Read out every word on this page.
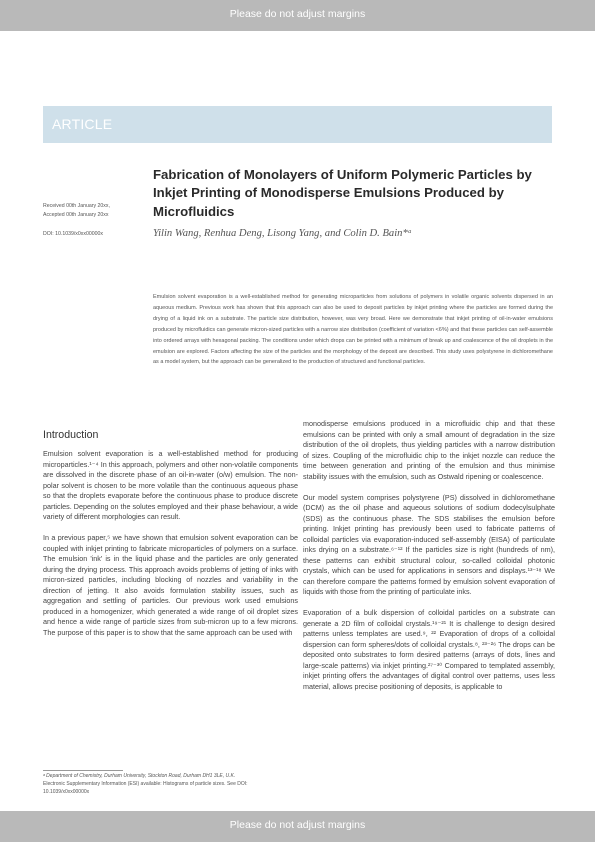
Please do not adjust margins
ARTICLE
Fabrication of Monolayers of Uniform Polymeric Particles by Inkjet Printing of Monodisperse Emulsions Produced by Microfluidics
Received 00th January 20xx,
Accepted 00th January 20xx
DOI: 10.1039/x0xx00000x	Yilin Wang, Renhua Deng, Lisong Yang, and Colin D. Bain*ᵃ

Emulsion solvent evaporation is a well-established method for generating microparticles from solutions of polymers in volatile organic solvents dispersed in an aqueous medium. Previous work has shown that this approach can also be used to deposit particles by inkjet printing where the particles are formed during the drying of a liquid ink on a substrate. The particle size distribution, however, was very broad. Here we demonstrate that inkjet printing of oil-in-water emulsions produced by microfluidics can generate micron-sized particles with a narrow size distribution (coefficient of variation <6%) and that these particles can self-assemble into ordered arrays with hexagonal packing. The conditions under which drops can be printed with a minimum of break up and coalescence of the oil droplets in the emulsion are explored. Factors affecting the size of the particles and the morphology of the deposit are described. This study uses polystyrene in dichloromethane as a model system, but the approach can be generalized to the production of structured and functional particles.

Introduction

Emulsion solvent evaporation is a well-established method for producing microparticles.¹⁻⁴ In this approach, polymers and other non-volatile components are dissolved in the discrete phase of an oil-in-water (o/w) emulsion. The non-polar solvent is chosen to be more volatile than the continuous aqueous phase so that the droplets evaporate before the continuous phase to produce discrete particles. Depending on the solutes employed and their phase behaviour, a wide variety of different morphologies can result.

In a previous paper,⁵ we have shown that emulsion solvent evaporation can be coupled with inkjet printing to fabricate microparticles of polymers on a surface. The emulsion 'ink' is in the liquid phase and the particles are only generated during the drying process. This approach avoids problems of jetting of inks with micron-sized particles, including blocking of nozzles and variability in the direction of jetting. It also avoids formulation stability issues, such as aggregation and settling of particles. Our previous work used emulsions produced in a homogenizer, which generated a wide range of oil droplet sizes and hence a wide range of particle sizes from sub-micron up to a few microns. The purpose of this paper is to show that the same approach can be used with

monodisperse emulsions produced in a microfluidic chip and that these emulsions can be printed with only a small amount of degradation in the size distribution of the oil droplets, thus yielding particles with a narrow distribution of sizes. Coupling of the microfluidic chip to the inkjet nozzle can reduce the time between generation and printing of the emulsion and thus minimise stability issues with the emulsion, such as Ostwald ripening or coalescence.

Our model system comprises polystyrene (PS) dissolved in dichloromethane (DCM) as the oil phase and aqueous solutions of sodium dodecylsulphate (SDS) as the continuous phase. The SDS stabilises the emulsion before printing. Inkjet printing has previously been used to fabricate patterns of colloidal particles via evaporation-induced self-assembly (EISA) of particulate inks drying on a substrate.⁶⁻¹² If the particles size is right (hundreds of nm), these patterns can exhibit structural colour, so-called colloidal photonic crystals, which can be used for applications in sensors and displays.¹³⁻¹⁸ We can therefore compare the patterns formed by emulsion solvent evaporation of liquids with those from the printing of particulate inks.

Evaporation of a bulk dispersion of colloidal particles on a substrate can generate a 2D film of colloidal crystals.¹⁹⁻²¹ It is challenge to design desired patterns unless templates are used.⁹, ²² Evaporation of drops of a colloidal dispersion can form spheres/dots of colloidal crystals.⁸, ²³⁻²⁶ The drops can be deposited onto substrates to form desired patterns (arrays of dots, lines and large-scale patterns) via inkjet printing.²⁷⁻³⁰ Compared to templated assembly, inkjet printing offers the advantages of digital control over patterns, uses less material, allows precise positioning of deposits, is applicable to

ᵃ Department of Chemistry, Durham University, Stockton Road, Durham DH1 3LE, U.K.

Electronic Supplementary Information (ESI) available: Histograms of particle sizes. See DOI: 10.1039/x0xx00000x

Please do not adjust margins
